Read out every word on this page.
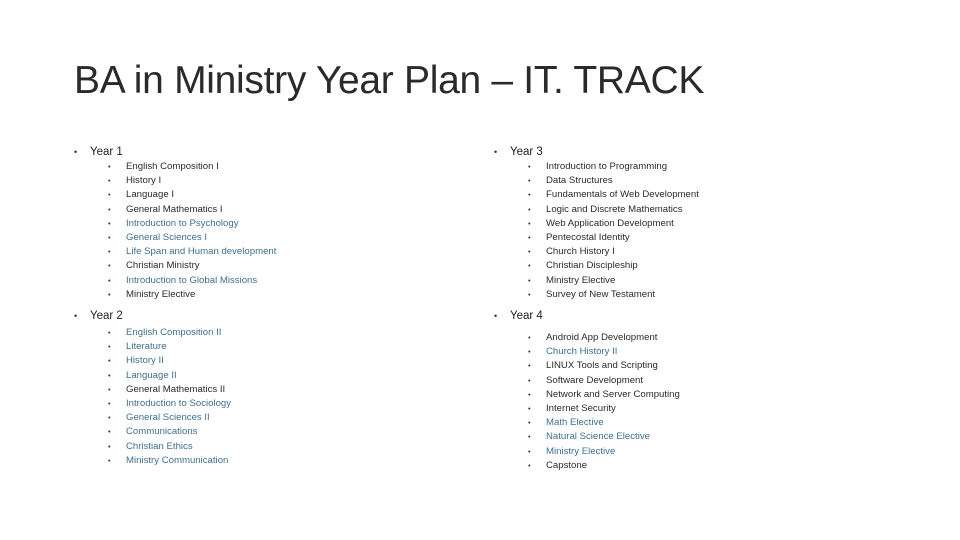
BA in Ministry Year Plan – IT. TRACK
• Year 1
• English Composition I
• History I
• Language I
• General Mathematics I
• Introduction to Psychology
• General Sciences I
• Life Span and Human development
• Christian Ministry
• Introduction to Global Missions
• Ministry Elective
• Year 2
• English Composition II
• Literature
• History II
• Language II
• General Mathematics II
• Introduction to Sociology
• General Sciences II
• Communications
• Christian Ethics
• Ministry Communication
• Year 3
• Introduction to Programming
• Data Structures
• Fundamentals of Web Development
• Logic and Discrete Mathematics
• Web Application Development
• Pentecostal Identity
• Church History I
• Christian Discipleship
• Ministry Elective
• Survey of New Testament
• Year 4
• Android App Development
• Church History II
• LINUX Tools and Scripting
• Software Development
• Network and Server Computing
• Internet Security
• Math Elective
• Natural Science Elective
• Ministry Elective
• Capstone
